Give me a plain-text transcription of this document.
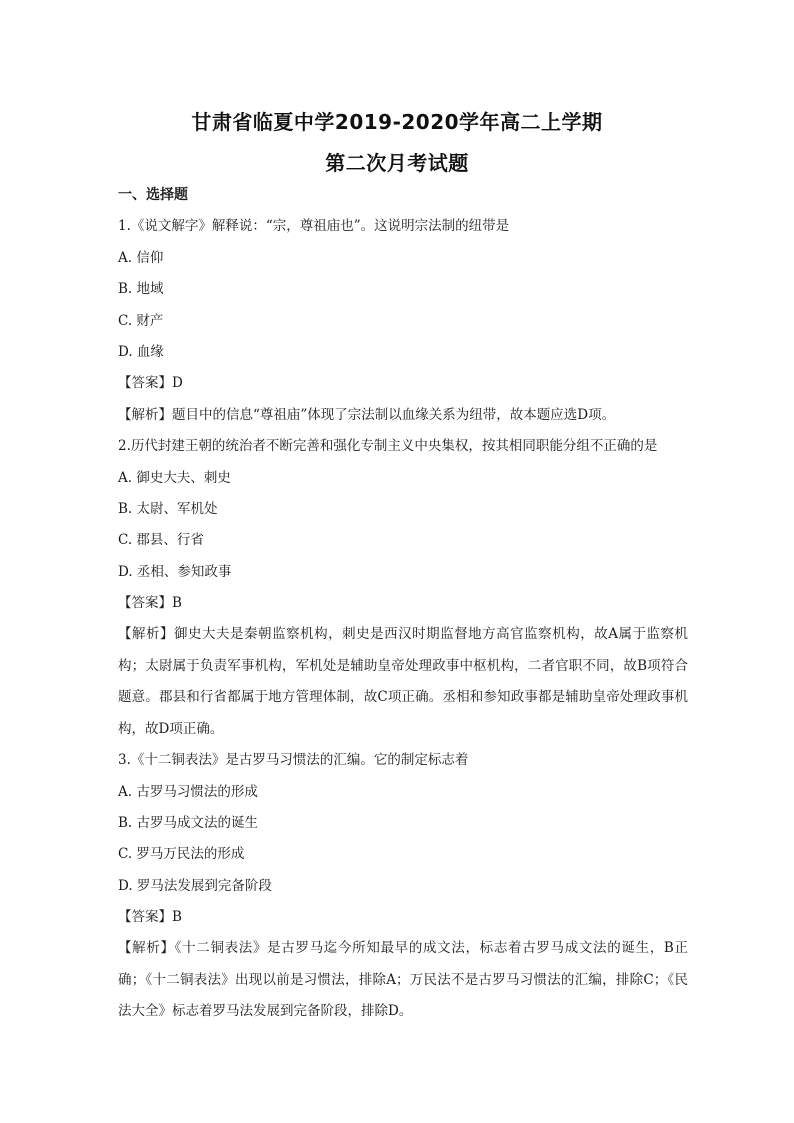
甘肃省临夏中学2019-2020学年高二上学期
第二次月考试题
一、选择题
1.《说文解字》解释说：“宗，尊祖庙也”。这说明宗法制的纽带是
A. 信仰
B. 地域
C. 财产
D. 血缘
【答案】D
【解析】题目中的信息“尊祖庙”体现了宗法制以血缘关系为纽带，故本题应选D项。
2.历代封建王朝的统治者不断完善和强化专制主义中央集权，按其相同职能分组不正确的是
A. 御史大夫、刺史
B. 太尉、军机处
C. 郡县、行省
D. 丞相、参知政事
【答案】B
【解析】御史大夫是秦朝监察机构，刺史是西汉时期监督地方高官监察机构，故A属于监察机构；太尉属于负责军事机构，军机处是辅助皇帝处理政事中枢机构，二者官职不同，故B项符合题意。郡县和行省都属于地方管理体制，故C项正确。丞相和参知政事都是辅助皇帝处理政事机构，故D项正确。
3.《十二铜表法》是古罗马习惯法的汇编。它的制定标志着
A. 古罗马习惯法的形成
B. 古罗马成文法的诞生
C. 罗马万民法的形成
D. 罗马法发展到完备阶段
【答案】B
【解析】《十二铜表法》是古罗马迄今所知最早的成文法，标志着古罗马成文法的诞生，B正确；《十二铜表法》出现以前是习惯法，排除A；万民法不是古罗马习惯法的汇编，排除C；《民法大全》标志着罗马法发展到完备阶段，排除D。
